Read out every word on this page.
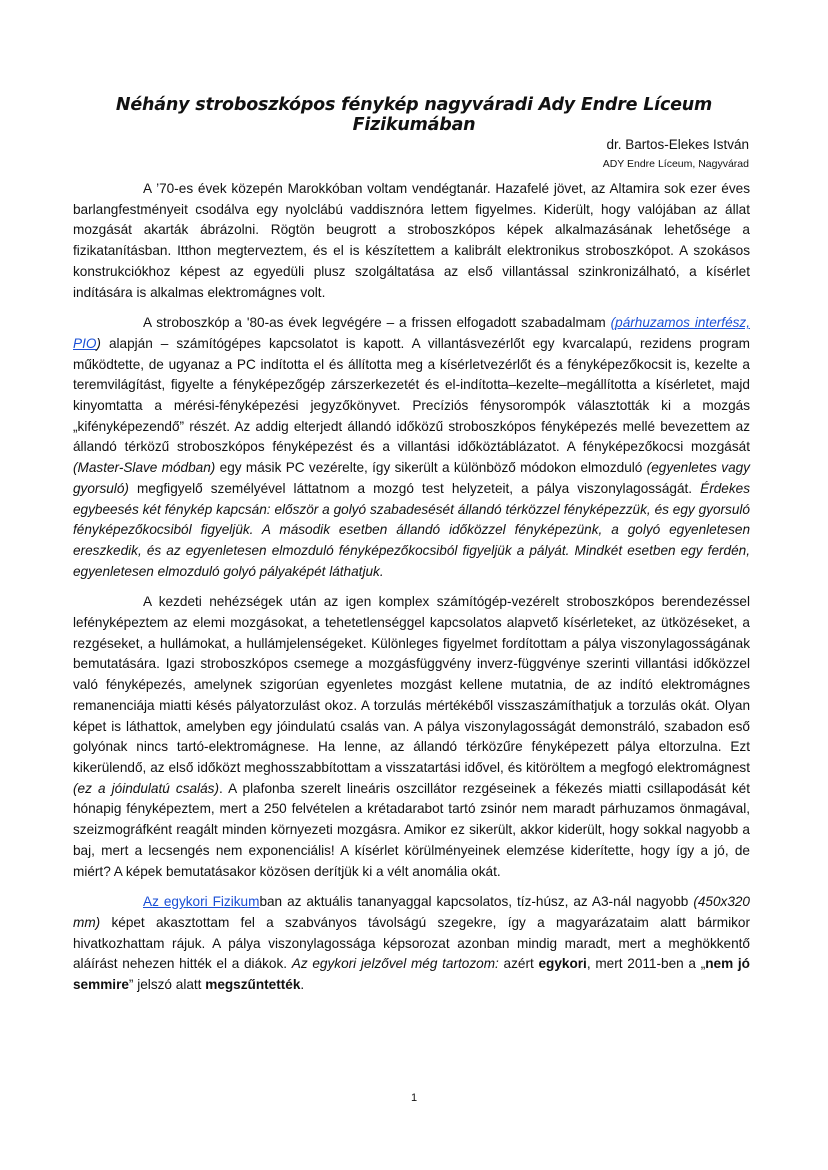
Néhány stroboszkópos fénykép nagyváradi Ady Endre Líceum Fizikumában
dr. Bartos-Elekes István
ADY Endre Líceum, Nagyvárad

A ’70-es évek közepén Marokkóban voltam vendégtanár. Hazafelé jövet, az Altamira sok ezer éves barlangfestményeit csodálva egy nyolclábú vaddisznóra lettem figyelmes. Kiderült, hogy valójában az állat mozgását akarták ábrázolni. Rögtön beugrott a stroboszkópos képek alkalmazásának lehetősége a fizikatanításban. Itthon megterveztem, és el is készítettem a kalibrált elektronikus stroboszkópot. A szokásos konstrukciókhoz képest az egyedüli plusz szolgáltatása az első villantással szinkronizálható, a kísérlet indítására is alkalmas elektromágnes volt.

A stroboszkóp a '80-as évek legvégére – a frissen elfogadott szabadalmam (párhuzamos interfész, PIO) alapján – számítógépes kapcsolatot is kapott. A villantásvezérlőt egy kvarcalapú, rezidens program működtette, de ugyanaz a PC indította el és állította meg a kísérletvezérlőt és a fényképezőkocsit is, kezelte a teremvilágítást, figyelte a fényképezőgép zárszerkezetét és el-indította–kezelte–megállította a kísérletet, majd kinyomtatta a mérési-fényképezési jegyzőkönyvet. Precíziós fénysorompók választották ki a mozgás „kifényképezendő” részét. Az addig elterjedt állandó időközű stroboszkópos fényképezés mellé bevezettem az állandó térközű stroboszkópos fényképezést és a villantási időköztáblázatot. A fényképezőkocsi mozgását (Master-Slave módban) egy másik PC vezérelte, így sikerült a különböző módokon elmozduló (egyenletes vagy gyorsuló) megfigyelő személyével láttatnom a mozgó test helyzeteit, a pálya viszonylagosságát. Érdekes egybeesés két fénykép kapcsán: először a golyó szabadesését állandó térközzel fényképezzük, és egy gyorsuló fényképezőkocsiból figyeljük. A második esetben állandó időközzel fényképezünk, a golyó egyenletesen ereszkedik, és az egyenletesen elmozduló fényképezőkocsiból figyeljük a pályát. Mindkét esetben egy ferdén, egyenletesen elmozduló golyó pályaképét láthatjuk.

A kezdeti nehézségek után az igen komplex számítógép-vezérelt stroboszkópos berendezéssel lefényképeztem az elemi mozgásokat, a tehetetlenséggel kapcsolatos alapvető kísérleteket, az ütközéseket, a rezgéseket, a hullámokat, a hullámjelenségeket. Különleges figyelmet fordítottam a pálya viszonylagosságának bemutatására. Igazi stroboszkópos csemege a mozgásfüggvény inverz-függvénye szerinti villantási időközzel való fényképezés, amelynek szigorúan egyenletes mozgást kellene mutatnia, de az indító elektromágnes remanenciája miatti késés pályatorzulást okoz. A torzulás mértékéből visszaszámíthatjuk a torzulás okát. Olyan képet is láthattok, amelyben egy jóindulatú csalás van. A pálya viszonylagosságát demonstráló, szabadon eső golyónak nincs tartó-elektromágnese. Ha lenne, az állandó térközűre fényképezett pálya eltorzulna. Ezt kikerülendő, az első időközt meghosszabbítottam a visszatartási idővel, és kitöröltem a megfogó elektromágnest (ez a jóindulatú csalás). A plafonba szerelt lineáris oszcillátor rezgéseinek a fékezés miatti csillapodását két hónapig fényképeztem, mert a 250 felvételen a krétadarabot tartó zsinór nem maradt párhuzamos önmagával, szeizmográfként reagált minden környezeti mozgásra. Amikor ez sikerült, akkor kiderült, hogy sokkal nagyobb a baj, mert a lecsengés nem exponenciális! A kísérlet körülményeinek elemzése kiderítette, hogy így a jó, de miért? A képek bemutatásakor közösen derítjük ki a vélt anomália okát.

Az egykori Fizikumban az aktuális tananyaggal kapcsolatos, tíz-húsz, az A3-nál nagyobb (450x320 mm) képet akasztottam fel a szabványos távolságú szegekre, így a magyarázataim alatt bármikor hivatkozhattam rájuk. A pálya viszonylagossága képsorozat azonban mindig maradt, mert a meghökkentő aláírást nehezen hitték el a diákok. Az egykori jelzővel még tartozom: azért egykori, mert 2011-ben a „nem jó semmire” jelszó alatt megszűntették.

1
